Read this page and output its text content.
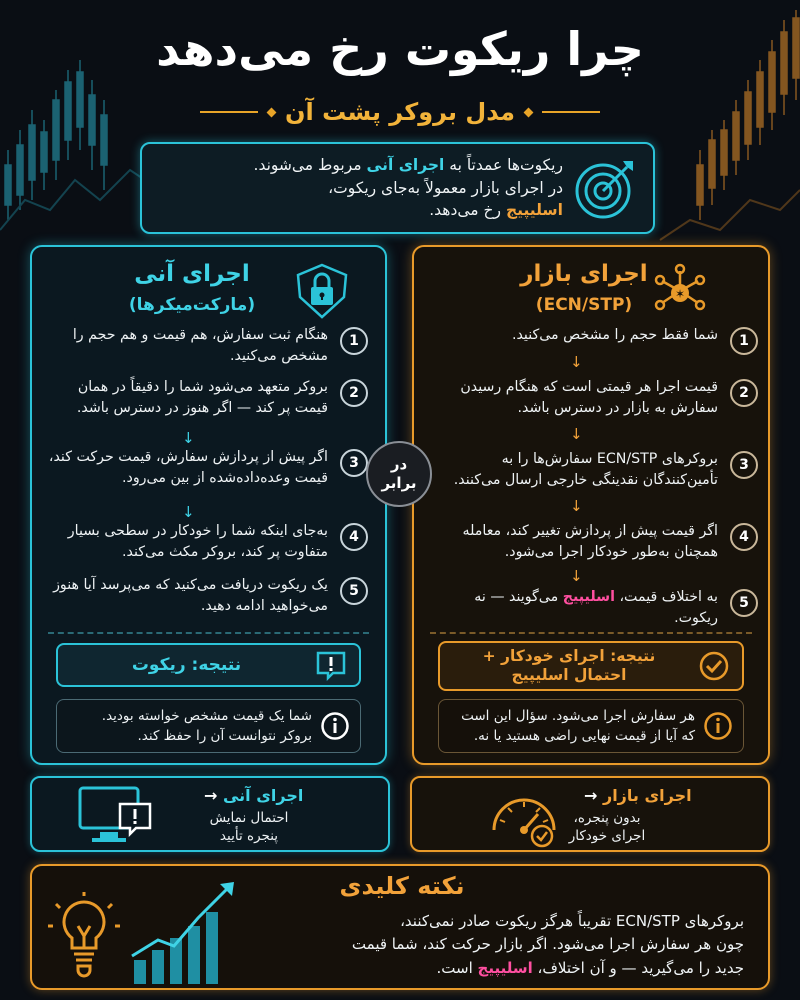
چرا ریکوت رخ می‌دهد
مدل بروکر پشت آن
ریکوت‌ها عمدتاً به اجرای آنی مربوط می‌شوند.
در اجرای بازار معمولاً به‌جای ریکوت،
اسلیپیج رخ می‌دهد.
اجرای آنی
(مارکت‌میکرها)
هنگام ثبت سفارش، هم قیمت و هم حجم را مشخص می‌کنید.
1
بروکر متعهد می‌شود شما را دقیقاً در همان قیمت پر کند — اگر هنوز در دسترس باشد.
2
↓
اگر پیش از پردازش سفارش، قیمت حرکت کند، قیمت وعده‌داده‌شده از بین می‌رود.
3
↓
به‌جای اینکه شما را خودکار در سطحی بسیار متفاوت پر کند، بروکر مکث می‌کند.
4
یک ریکوت دریافت می‌کنید که می‌پرسد آیا هنوز می‌خواهید ادامه دهید.
5
نتیجه: ریکوت
شما یک قیمت مشخص خواسته بودید. بروکر نتوانست آن را حفظ کند.
اجرای بازار
(ECN/STP)
✶
شما فقط حجم را مشخص می‌کنید.	1
↓
قیمت اجرا هر قیمتی است که هنگام رسیدن سفارش به بازار در دسترس باشد.
2
↓
بروکرهای ECN/STP سفارش‌ها را به تأمین‌کنندگان نقدینگی خارجی ارسال می‌کنند.
3
↓
اگر قیمت پیش از پردازش تغییر کند، معامله همچنان به‌طور خودکار اجرا می‌شود.
4
↓
به اختلاف قیمت، اسلیپیج می‌گویند — نه ریکوت.
5
نتیجه: اجرای خودکار +
احتمال اسلیپیج
هر سفارش اجرا می‌شود. سؤال این است که آیا از قیمت نهایی راضی هستید یا نه.
در
برابر
اجرای آنی →
احتمال نمایش
پنجره تأیید
اجرای بازار →
بدون پنجره،
اجرای خودکار
نکته کلیدی
بروکرهای ECN/STP تقریباً هرگز ریکوت صادر نمی‌کنند،
چون هر سفارش اجرا می‌شود. اگر بازار حرکت کند، شما قیمت
جدید را می‌گیرید — و آن اختلاف، اسلیپیج است.
